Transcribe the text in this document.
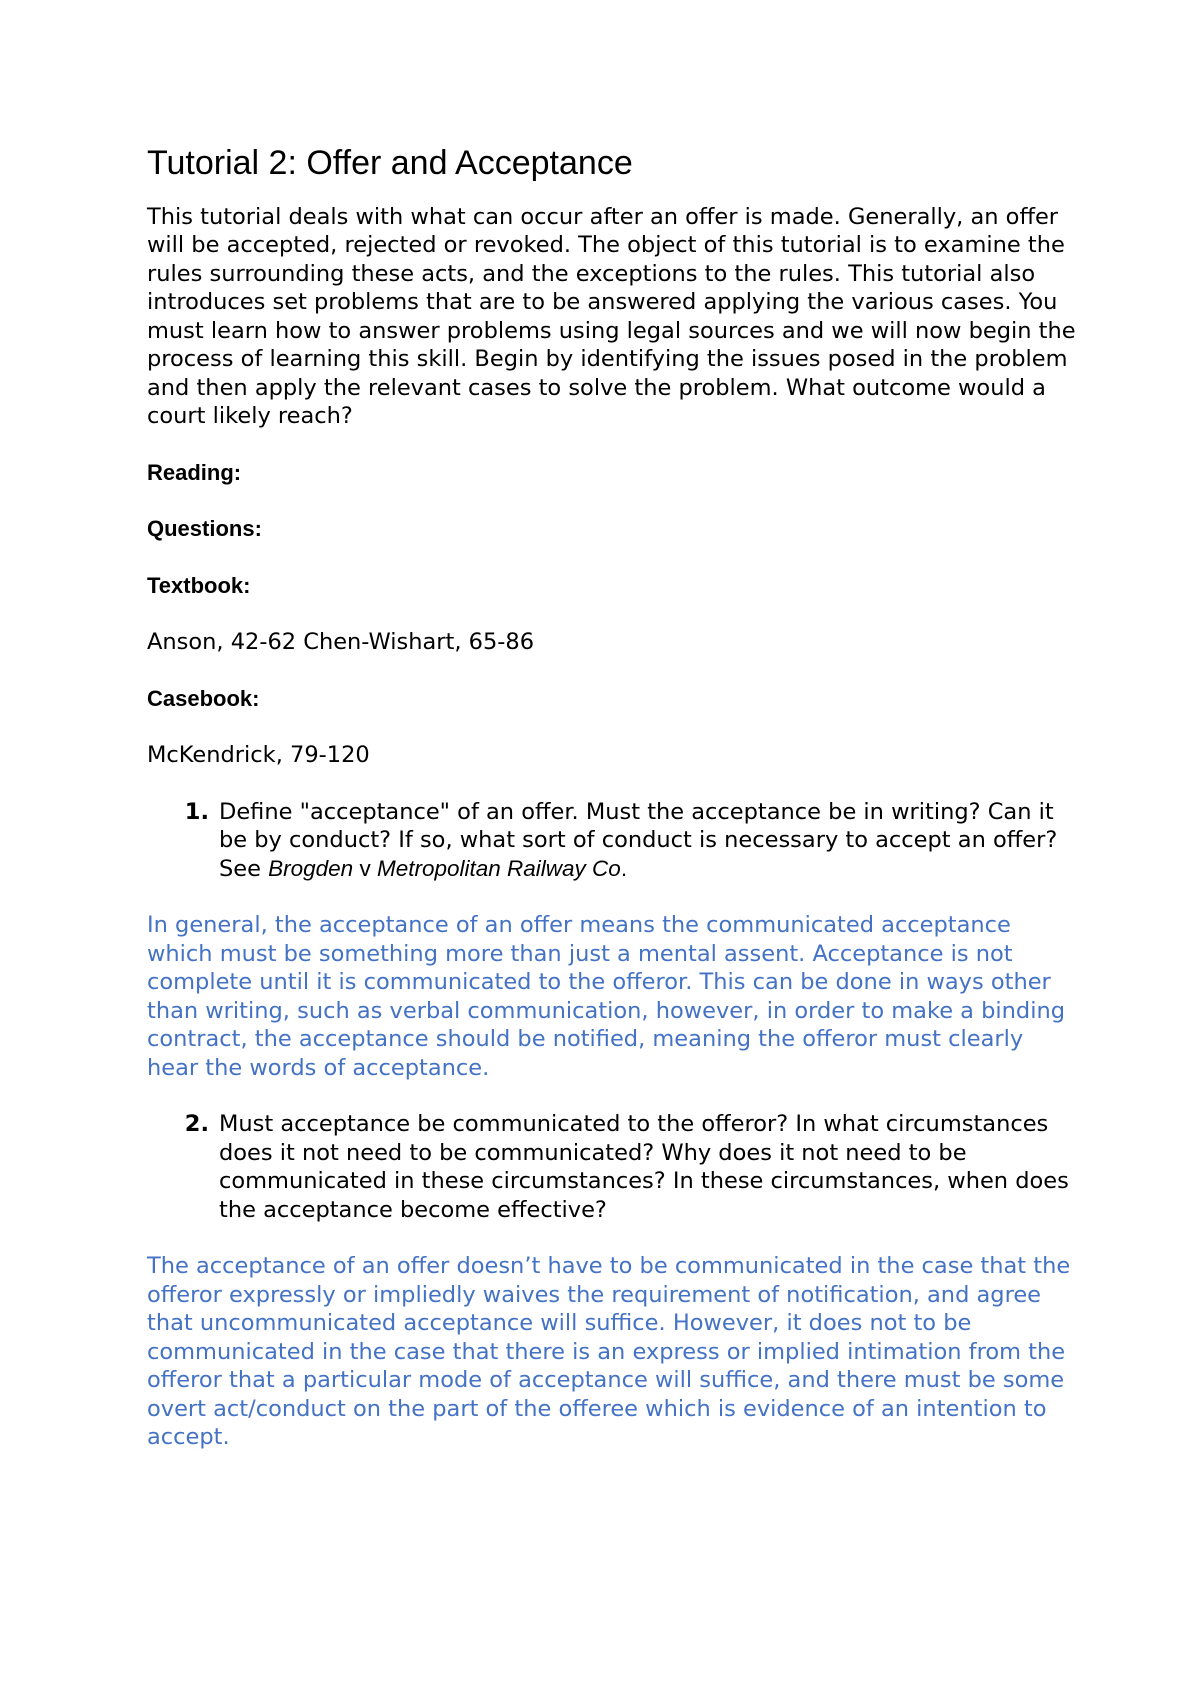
Tutorial 2: Offer and Acceptance

This tutorial deals with what can occur after an offer is made. Generally, an offer will be accepted, rejected or revoked. The object of this tutorial is to examine the rules surrounding these acts, and the exceptions to the rules. This tutorial also introduces set problems that are to be answered applying the various cases. You must learn how to answer problems using legal sources and we will now begin the process of learning this skill. Begin by identifying the issues posed in the problem and then apply the relevant cases to solve the problem. What outcome would a court likely reach?

Reading:

Questions:

Textbook:

Anson, 42-62 Chen-Wishart, 65-86

Casebook:

McKendrick, 79-120

1. Define "acceptance" of an offer. Must the acceptance be in writing? Can it be by conduct? If so, what sort of conduct is necessary to accept an offer? See Brogden v Metropolitan Railway Co.

In general, the acceptance of an offer means the communicated acceptance which must be something more than just a mental assent. Acceptance is not complete until it is communicated to the offeror. This can be done in ways other than writing, such as verbal communication, however, in order to make a binding contract, the acceptance should be notified, meaning the offeror must clearly hear the words of acceptance.

2. Must acceptance be communicated to the offeror? In what circumstances does it not need to be communicated? Why does it not need to be communicated in these circumstances? In these circumstances, when does the acceptance become effective?

The acceptance of an offer doesn’t have to be communicated in the case that the offeror expressly or impliedly waives the requirement of notification, and agree that uncommunicated acceptance will suffice. However, it does not to be communicated in the case that there is an express or implied intimation from the offeror that a particular mode of acceptance will suffice, and there must be some overt act/conduct on the part of the offeree which is evidence of an intention to accept.
